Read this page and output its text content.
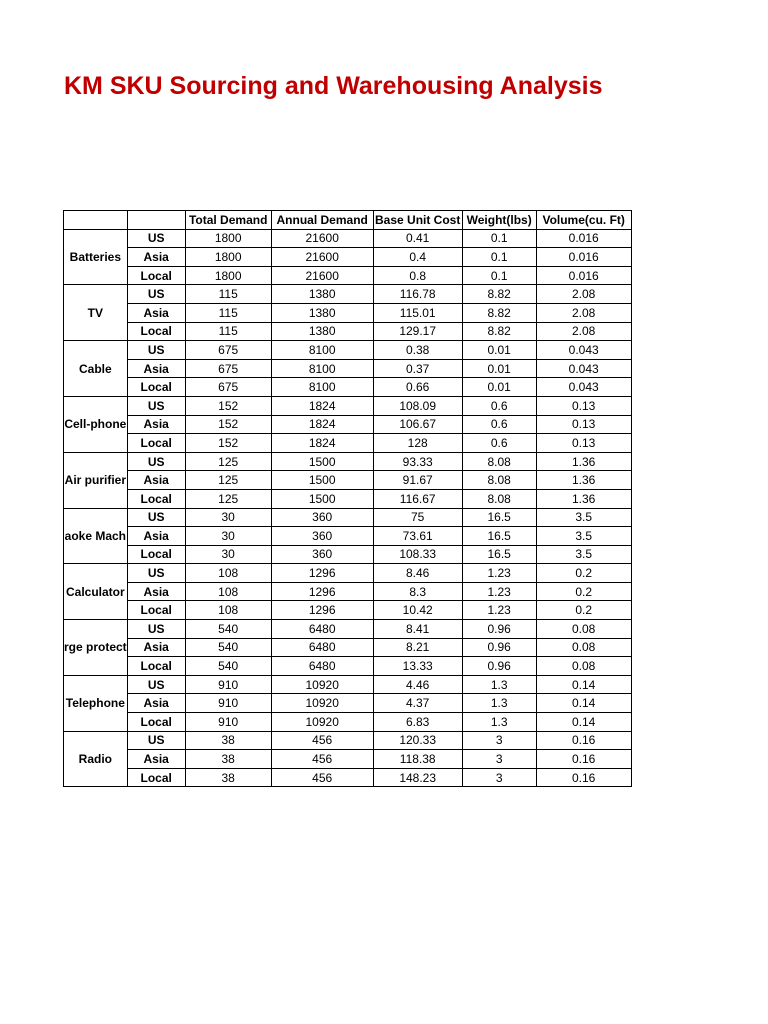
KM SKU Sourcing and Warehousing Analysis
		Total Demand	Annual Demand	Base Unit Cost	Weight(lbs)	Volume(cu. Ft)

Batteries	US	1800	21600	0.41	0.1	0.016
	Asia	1800	21600	0.4	0.1	0.016
	Local	1800	21600	0.8	0.1	0.016

TV	US	115	1380	116.78	8.82	2.08
	Asia	115	1380	115.01	8.82	2.08
	Local	115	1380	129.17	8.82	2.08

Cable	US	675	8100	0.38	0.01	0.043
	Asia	675	8100	0.37	0.01	0.043
	Local	675	8100	0.66	0.01	0.043

Cell-phone	US	152	1824	108.09	0.6	0.13
	Asia	152	1824	106.67	0.6	0.13
	Local	152	1824	128	0.6	0.13

Air purifier	US	125	1500	93.33	8.08	1.36
	Asia	125	1500	91.67	8.08	1.36
	Local	125	1500	116.67	8.08	1.36

aoke Mach	US	30	360	75	16.5	3.5
	Asia	30	360	73.61	16.5	3.5
	Local	30	360	108.33	16.5	3.5

Calculator	US	108	1296	8.46	1.23	0.2
	Asia	108	1296	8.3	1.23	0.2
	Local	108	1296	10.42	1.23	0.2

rge protect	US	540	6480	8.41	0.96	0.08
	Asia	540	6480	8.21	0.96	0.08
	Local	540	6480	13.33	0.96	0.08

Telephone	US	910	10920	4.46	1.3	0.14
	Asia	910	10920	4.37	1.3	0.14
	Local	910	10920	6.83	1.3	0.14

Radio	US	38	456	120.33	3	0.16
	Asia	38	456	118.38	3	0.16
	Local	38	456	148.23	3	0.16
